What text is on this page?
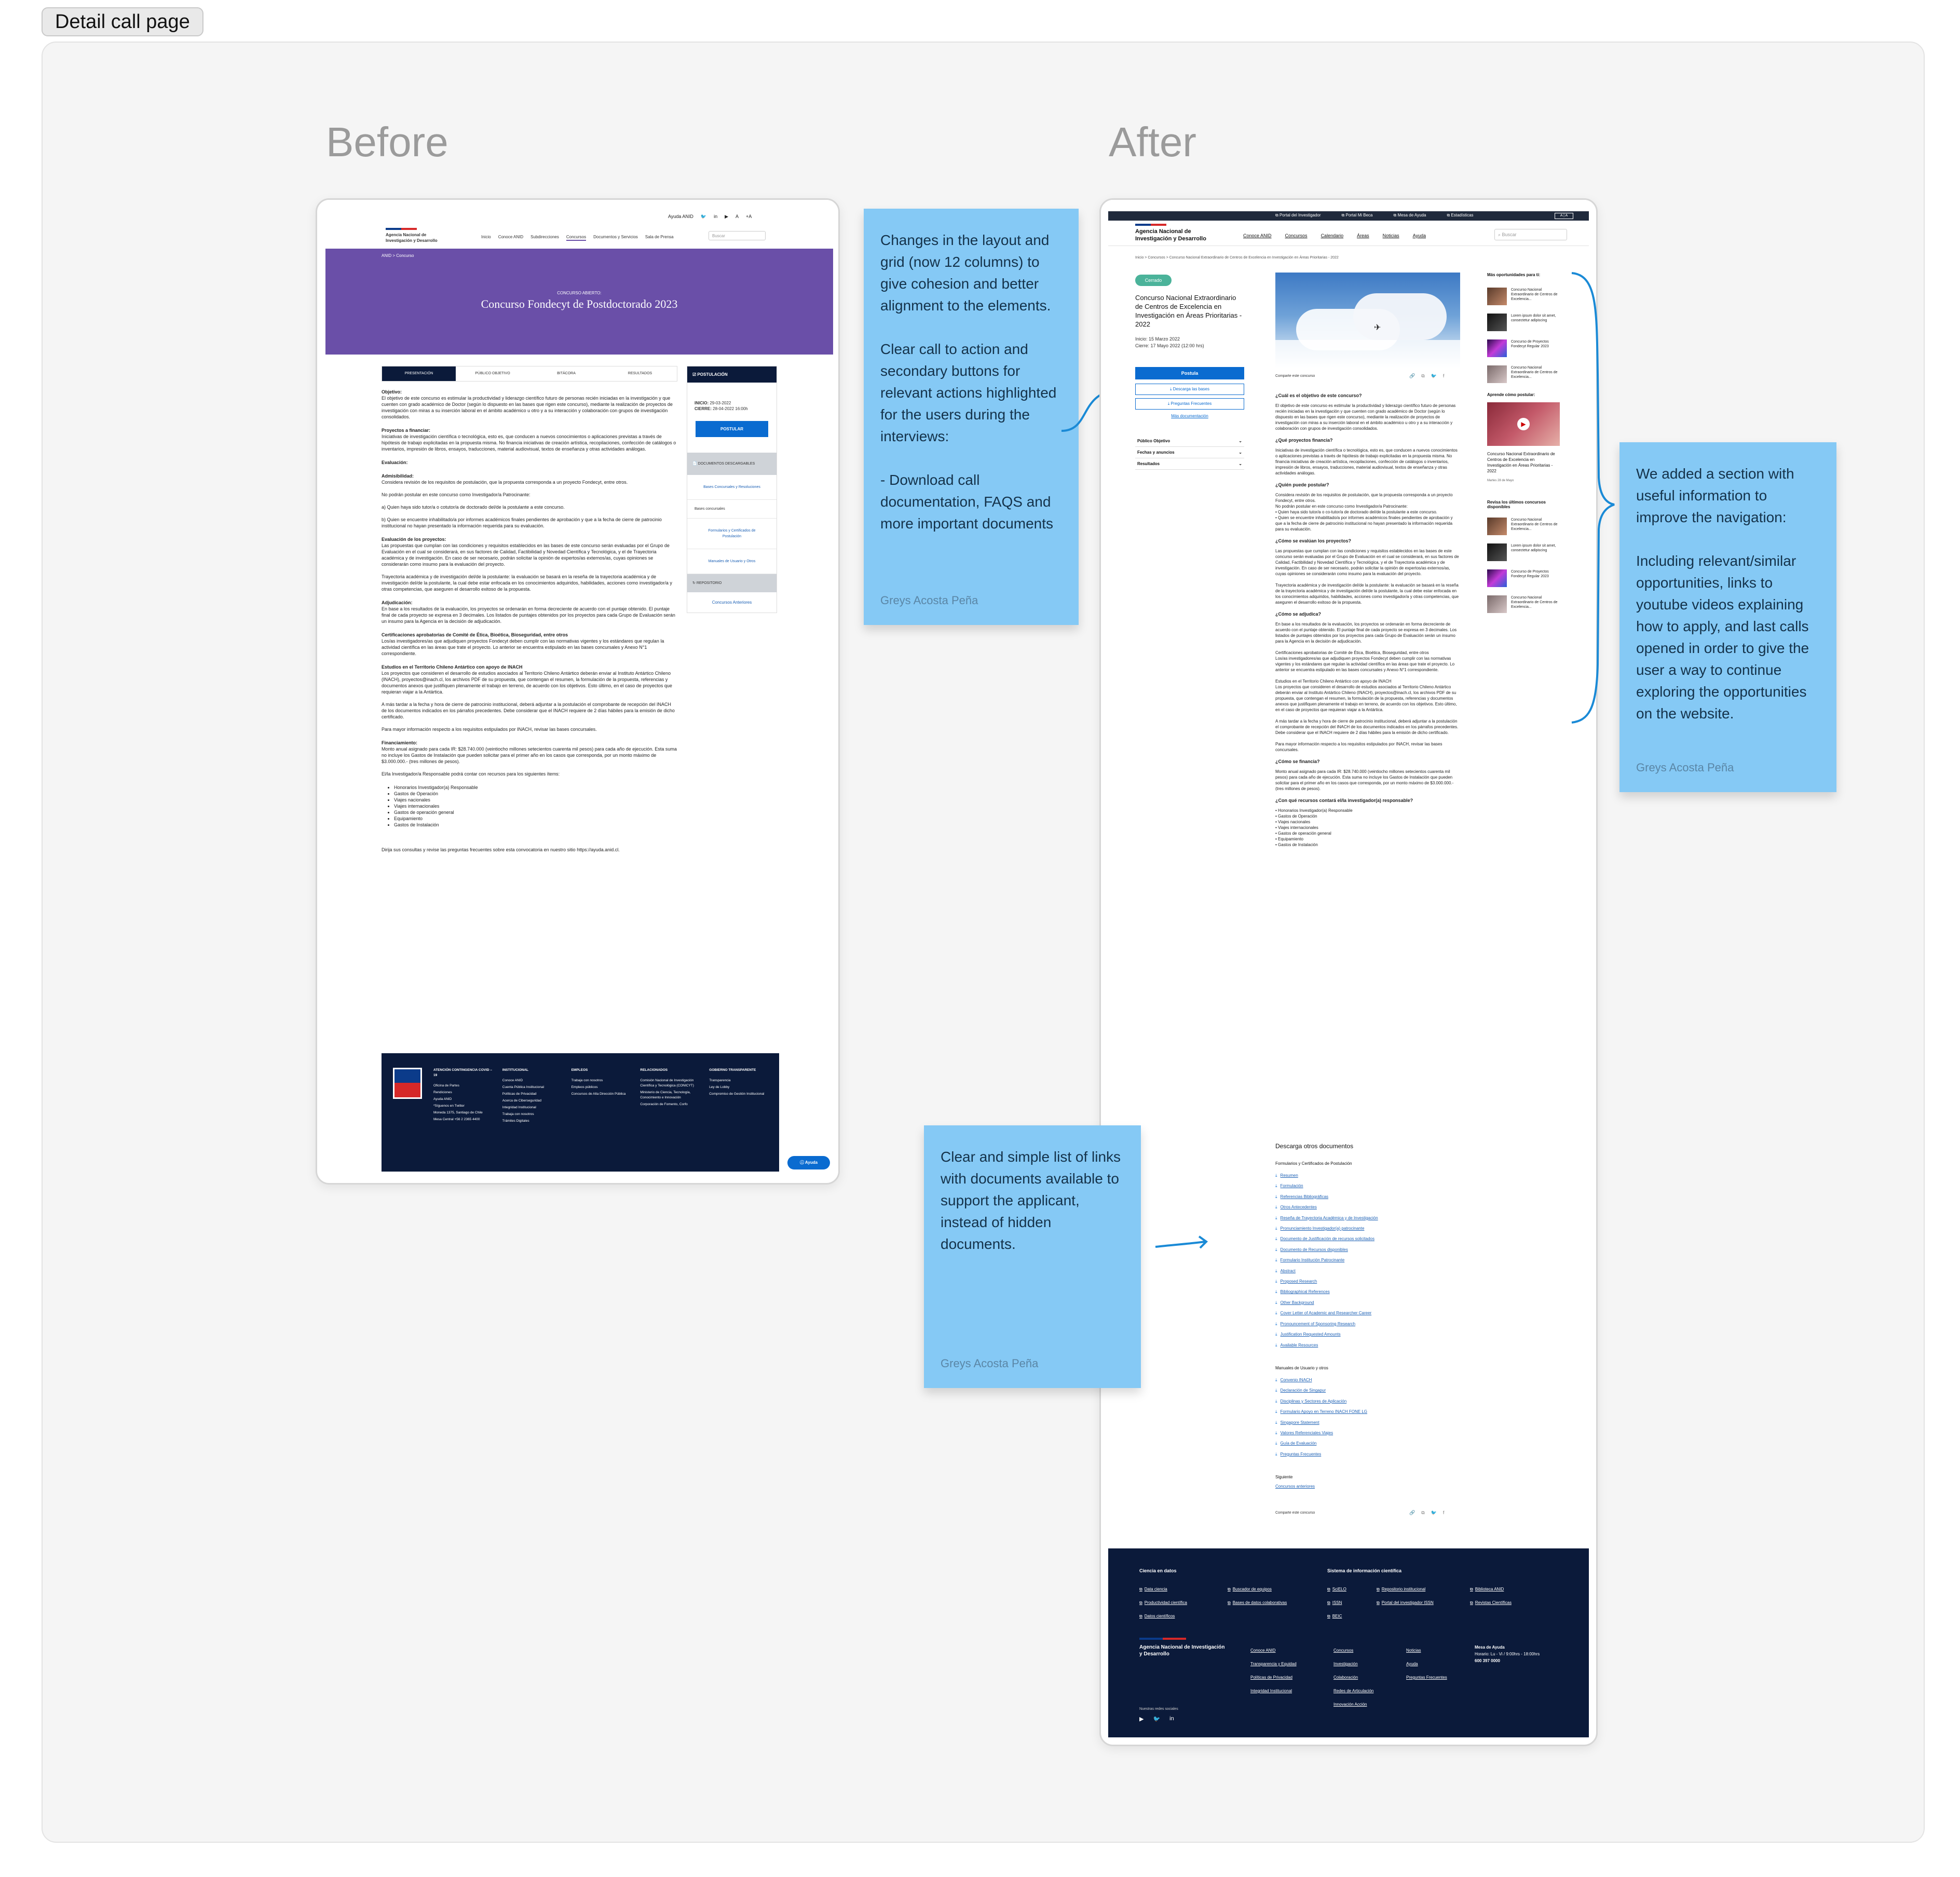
Detail call page
Before	After
Ayuda ANID 🐦 in ▶ A +A
Agencia Nacional de Investigación y Desarrollo
Inicio Conoce ANID Subdirecciones Concursos Documentos y Servicios Sala de Prensa	Buscar
ANID > Concurso
CONCURSO ABIERTO:
Concurso Fondecyt de Postdoctorado 2023
PRESENTACIÓN	PÚBLICO OBJETIVO	BITÁCORA	RESULTADOS
Objetivo:
El objetivo de este concurso es estimular la productividad y liderazgo científico futuro de personas recién iniciadas en la investigación y que cuenten con grado académico de Doctor (según lo dispuesto en las bases que rigen este concurso), mediante la realización de proyectos de investigación con miras a su inserción laboral en el ámbito académico u otro y a su interacción y colaboración con grupos de investigación consolidados.
Proyectos a financiar:
Iniciativas de investigación científica o tecnológica, esto es, que conducen a nuevos conocimientos o aplicaciones previstas a través de hipótesis de trabajo explicitadas en la propuesta misma. No financia iniciativas de creación artística, recopilaciones, confección de catálogos o inventarios, impresión de libros, ensayos, traducciones, material audiovisual, textos de enseñanza y otras actividades análogas.
Evaluación:
Admisibilidad:
Considera revisión de los requisitos de postulación, que la propuesta corresponda a un proyecto Fondecyt, entre otros.

No podrán postular en este concurso como Investigador/a Patrocinante:

a) Quien haya sido tutor/a o cotutor/a de doctorado del/de la postulante a este concurso.

b) Quien se encuentre inhabilitado/a por informes académicos finales pendientes de aprobación y que a la fecha de cierre de patrocinio institucional no hayan presentado la información requerida para su evaluación.
Evaluación de los proyectos:
Las propuestas que cumplan con las condiciones y requisitos establecidos en las bases de este concurso serán evaluadas por el Grupo de Evaluación en el cual se considerará, en sus factores de Calidad, Factibilidad y Novedad Científica y Tecnológica, y el de Trayectoria académica y de investigación. En caso de ser necesario, podrán solicitar la opinión de expertos/as externos/as, cuyas opiniones se considerarán como insumo para la evaluación del proyecto.

Trayectoria académica y de investigación del/de la postulante: la evaluación se basará en la reseña de la trayectoria académica y de investigación del/de la postulante, la cual debe estar enfocada en los conocimientos adquiridos, habilidades, acciones como investigador/a y otras competencias, que aseguren el desarrollo exitoso de la propuesta.
Adjudicación:
En base a los resultados de la evaluación, los proyectos se ordenarán en forma decreciente de acuerdo con el puntaje obtenido. El puntaje final de cada proyecto se expresa en 3 decimales. Los listados de puntajes obtenidos por los proyectos para cada Grupo de Evaluación serán un insumo para la Agencia en la decisión de adjudicación.
Certificaciones aprobatorias de Comité de Ética, Bioética, Bioseguridad, entre otros
Los/as investigadores/as que adjudiquen proyectos Fondecyt deben cumplir con las normativas vigentes y los estándares que regulan la actividad científica en las áreas que trate el proyecto. Lo anterior se encuentra estipulado en las bases concursales y Anexo N°1 correspondiente.
Estudios en el Territorio Chileno Antártico con apoyo de INACH
Los proyectos que consideren el desarrollo de estudios asociados al Territorio Chileno Antártico deberán enviar al Instituto Antártico Chileno (INACH), proyectos@inach.cl, los archivos PDF de su propuesta, que contengan el resumen, la formulación de la propuesta, referencias y documentos anexos que justifiquen plenamente el trabajo en terreno, de acuerdo con los objetivos. Esto último, en el caso de proyectos que requieran viajar a la Antártica.

A más tardar a la fecha y hora de cierre de patrocinio institucional, deberá adjuntar a la postulación el comprobante de recepción del INACH de los documentos indicados en los párrafos precedentes. Debe considerar que el INACH requiere de 2 días hábiles para la emisión de dicho certificado.

Para mayor información respecto a los requisitos estipulados por INACH, revisar las bases concursales.
Financiamiento:
Monto anual asignado para cada IR: $28.740.000 (veintiocho millones setecientos cuarenta mil pesos) para cada año de ejecución. Esta suma no incluye los Gastos de Instalación que pueden solicitar para el primer año en los casos que corresponda, por un monto máximo de $3.000.000.- (tres millones de pesos).

El/la Investigador/a Responsable podrá contar con recursos para los siguientes ítems:
• Honorarios Investigador(a) Responsable
• Gastos de Operación
• Viajes nacionales
• Viajes internacionales
• Gastos de operación general
• Equipamiento
• Gastos de Instalación
Dirija sus consultas y revise las preguntas frecuentes sobre esta convocatoria en nuestro sitio https://ayuda.anid.cl.
☑ POSTULACIÓN
INICIO: 29-03-2022
CIERRE: 28-04-2022 16:00h
POSTULAR
📄 DOCUMENTOS DESCARGABLES
Bases Concursales y Resoluciones
Bases concursales
Formularios y Certificados de Postulación
Manuales de Usuario y Otros
↻ REPOSITORIO
Concursos Anteriores
ATENCIÓN CONTINGENCIA COVID – 19
Oficina de Partes
Rendiciones
Ayuda ANID
*Síguenos en Twitter
Moneda 1375, Santiago de Chile
Mesa Central +56 2 2365 4400
INSTITUCIONAL
Conoce ANID
Cuenta Pública Institucional
Políticas de Privacidad
Acerca de Ciberseguridad
Integridad Institucional
Trabaja con nosotros
Trámites Digitales
EMPLEOS
Trabaja con nosotros
Empleos públicos
Concursos de Alta Dirección Pública
RELACIONADOS
Comisión Nacional de Investigación Científica y Tecnológica (CONICYT)
Ministerio de Ciencia, Tecnología, Conocimiento e Innovación
Corporación de Fomento, Corfo
GOBIERNO TRANSPARENTE
Transparencia
Ley de Lobby
Compromiso de Gestión Institucional
ⓘ Ayuda

Changes in the layout and grid (now 12 columns) to give cohesion and better alignment to the elements.

Clear call to action and secondary buttons for relevant actions highlighted for the users during the interviews:

- Download call documentation, FAQS and more important documents

Greys Acosta Peña
⧉ Portal del Investigador	⧉ Portal Mi Beca	⧉ Mesa de Ayuda	⧉ Estadísticas	A | A
Agencia Nacional de Investigación y Desarrollo	Conoce ANID	Concursos	Calendario	Áreas	Noticias	Ayuda	⌕ Buscar
Inicio > Concursos > Concurso Nacional Extraordinario de Centros de Excelencia en Investigación en Áreas Prioritarias - 2022
Cerrado
Concurso Nacional Extraordinario de Centros de Excelencia en Investigación en Áreas Prioritarias - 2022
Inicio: 15 Marzo 2022
Cierre: 17 Mayo 2022 (12:00 hrs)
Postula
⤓ Descarga las bases
⤓ Preguntas Frecuentes
Más documentación
Público Objetivo	⌄
Fechas y anuncios	⌄
Resultados	⌄
✈
Comparte este concurso	🔗 ⧉ 🐦 f
¿Cuál es el objetivo de este concurso?
El objetivo de este concurso es estimular la productividad y liderazgo científico futuro de personas recién iniciadas en la investigación y que cuenten con grado académico de Doctor (según lo dispuesto en las bases que rigen este concurso), mediante la realización de proyectos de investigación con miras a su inserción laboral en el ámbito académico u otro y a su interacción y colaboración con grupos de investigación consolidados.
¿Qué proyectos financia?
Iniciativas de investigación científica o tecnológica, esto es, que conducen a nuevos conocimientos o aplicaciones previstas a través de hipótesis de trabajo explicitadas en la propuesta misma. No financia iniciativas de creación artística, recopilaciones, confección de catálogos o inventarios, impresión de libros, ensayos, traducciones, material audiovisual, textos de enseñanza y otras actividades análogas.
¿Quién puede postular?
Considera revisión de los requisitos de postulación, que la propuesta corresponda a un proyecto Fondecyt, entre otros.
No podrán postular en este concurso como Investigador/a Patrocinante:
• Quien haya sido tutor/a o co-tutor/a de doctorado del/de la postulante a este concurso.
• Quien se encuentre inhabilitado/a por informes académicos finales pendientes de aprobación y que a la fecha de cierre de patrocinio institucional no hayan presentado la información requerida para su evaluación.
¿Cómo se evalúan los proyectos?
Las propuestas que cumplan con las condiciones y requisitos establecidos en las bases de este concurso serán evaluadas por el Grupo de Evaluación en el cual se considerará, en sus factores de Calidad, Factibilidad y Novedad Científica y Tecnológica, y el de Trayectoria académica y de investigación. En caso de ser necesario, podrán solicitar la opinión de expertos/as externos/as, cuyas opiniones se considerarán como insumo para la evaluación del proyecto.

Trayectoria académica y de investigación del/de la postulante: la evaluación se basará en la reseña de la trayectoria académica y de investigación del/de la postulante, la cual debe estar enfocada en los conocimientos adquiridos, habilidades, acciones como investigador/a y otras competencias, que aseguren el desarrollo exitoso de la propuesta.
¿Cómo se adjudica?
En base a los resultados de la evaluación, los proyectos se ordenarán en forma decreciente de acuerdo con el puntaje obtenido. El puntaje final de cada proyecto se expresa en 3 decimales. Los listados de puntajes obtenidos por los proyectos para cada Grupo de Evaluación serán un insumo para la Agencia en la decisión de adjudicación.

Certificaciones aprobatorias de Comité de Ética, Bioética, Bioseguridad, entre otros
Los/as investigadores/as que adjudiquen proyectos Fondecyt deben cumplir con las normativas vigentes y los estándares que regulan la actividad científica en las áreas que trate el proyecto. Lo anterior se encuentra estipulado en las bases concursales y Anexo N°1 correspondiente.

Estudios en el Territorio Chileno Antártico con apoyo de INACH
Los proyectos que consideren el desarrollo de estudios asociados al Territorio Chileno Antártico deberán enviar al Instituto Antártico Chileno (INACH), proyectos@inach.cl, los archivos PDF de su propuesta, que contengan el resumen, la formulación de la propuesta, referencias y documentos anexos que justifiquen plenamente el trabajo en terreno, de acuerdo con los objetivos. Esto último, en el caso de proyectos que requieran viajar a la Antártica.

A más tardar a la fecha y hora de cierre de patrocinio institucional, deberá adjuntar a la postulación el comprobante de recepción del INACH de los documentos indicados en los párrafos precedentes. Debe considerar que el INACH requiere de 2 días hábiles para la emisión de dicho certificado.

Para mayor información respecto a los requisitos estipulados por INACH, revisar las bases concursales.
¿Cómo se financia?
Monto anual asignado para cada IR: $28.740.000 (veintiocho millones setecientos cuarenta mil pesos) para cada año de ejecución. Esta suma no incluye los Gastos de Instalación que pueden solicitar para el primer año en los casos que corresponda, por un monto máximo de $3.000.000.- (tres millones de pesos).
¿Con qué recursos contará el/la investigador(a) responsable?
• Honorarios Investigador(a) Responsable
• Gastos de Operación
• Viajes nacionales
• Viajes internacionales
• Gastos de operación general
• Equipamiento
• Gastos de Instalación
Más oportunidades para ti:
Concurso Nacional Extraordinario de Centros de Excelencia...
Lorem ipsum dolor sit amet, consectetur adipiscing
Concurso de Proyectos Fondecyt Regular 2023
Concurso Nacional Extraordinario de Centros de Excelencia...
Aprende cómo postular:
▶
Concurso Nacional Extraordinario de Centros de Excelencia en Investigación en Áreas Prioritarias - 2022
Martes 28 de Mayo
Revisa los últimos concursos disponibles
Concurso Nacional Extraordinario de Centros de Excelencia...
Lorem ipsum dolor sit amet, consectetur adipiscing
Concurso de Proyectos Fondecyt Regular 2023
Concurso Nacional Extraordinario de Centros de Excelencia...
Descarga otros documentos
Formularios y Certificados de Postulación
⤓ Resumen
⤓ Formulación
⤓ Referencias Bibliográficas
⤓ Otros Antecedentes
⤓ Reseña de Trayectoria Académica y de Investigación
⤓ Pronunciamiento Investigador(a) patrocinante
⤓ Documento de Justificación de recursos solicitados
⤓ Documento de Recursos disponibles
⤓ Formulario Institución Patrocinante
⤓ Abstract
⤓ Proposed Research
⤓ Bibliographical References
⤓ Other Background
⤓ Cover Letter of Academic and Researcher Career
⤓ Pronouncement of Sponsoring Research
⤓ Justification Requested Amounts
⤓ Available Resources
Manuales de Usuario y otros
⤓ Convenio INACH
⤓ Declaración de Singapur
⤓ Disciplinas y Sectores de Aplicación
⤓ Formulario Apoyo en Terreno INACH FONE LG
⤓ Singapore Statement
⤓ Valores Referenciales Viajes
⤓ Guía de Evaluación
⤓ Preguntas Frecuentes
Siguiente
Concursos anteriores
Comparte este concurso	🔗 ⧉ 🐦 f
Ciencia en datos
⧉ Data ciencia	⧉ Buscador de equipos
⧉ Productividad científica	⧉ Bases de datos colaborativas
⧉ Datos científicos
Sistema de información científica
⧉ SciELO	⧉ Repositorio institucional	⧉ Biblioteca ANID
⧉ ISSN	⧉ Portal del investigador ISSN	⧉ Revistas Científicas
⧉ BEIC
Agencia Nacional de Investigación y Desarrollo
Conoce ANID
Transparencia y Equidad
Políticas de Privacidad
Integridad Institucional
Concursos
Investigación
Colaboración
Redes de Articulación
Innovación Acción
Noticias
Ayuda
Preguntas Frecuentes
Mesa de Ayuda
Horario: Lu - Vi / 9:00hrs - 18:00hrs
600 397 0000
Nuestras redes sociales
▶ 🐦 in

We added a section with useful information to improve the navigation:

Including relevant/similar opportunities, links to youtube videos explaining how to apply, and last calls opened in order to give the user a way to continue exploring the opportunities on the website.

Greys Acosta Peña

Clear and simple list of links with documents available to support the applicant, instead of hidden documents.

Greys Acosta Peña
